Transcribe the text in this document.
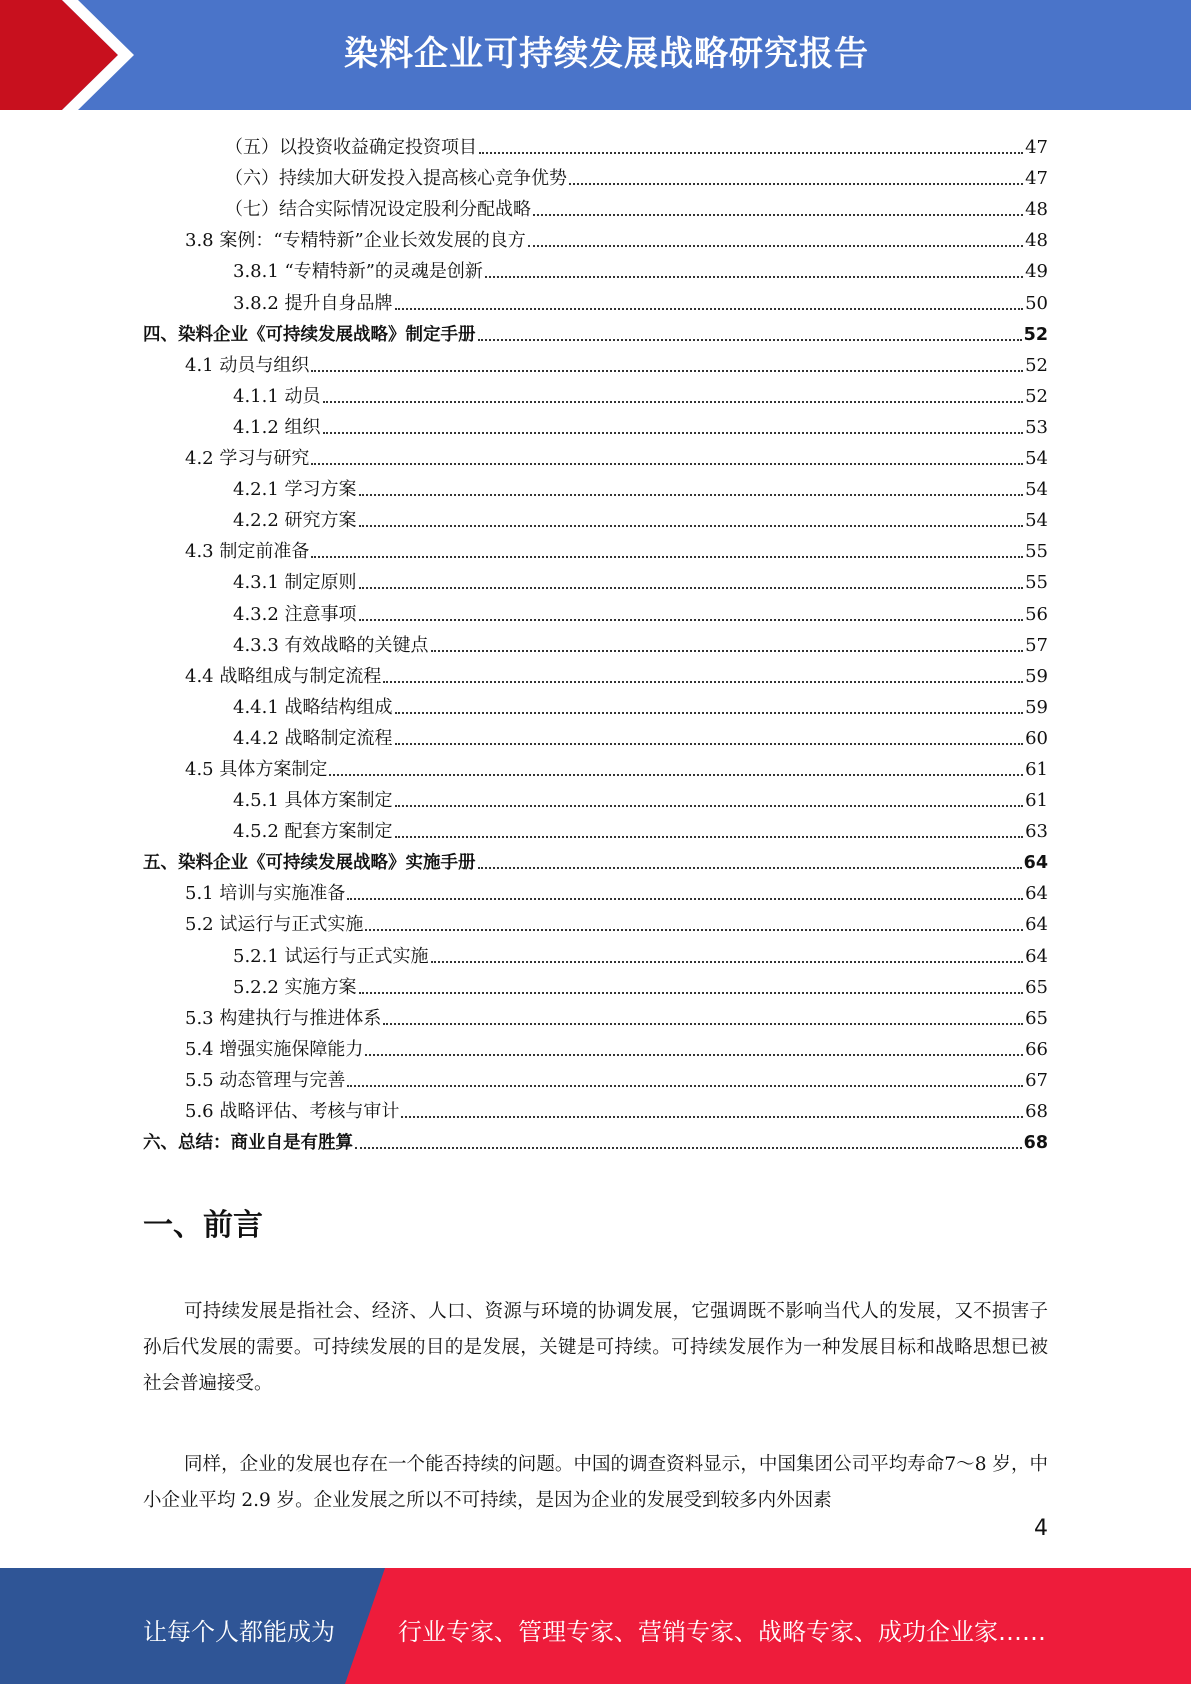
染料企业可持续发展战略研究报告
（五）以投资收益确定投资项目	47
（六）持续加大研发投入提高核心竞争优势	47
（七）结合实际情况设定股利分配战略	48
3.8 案例：“专精特新”企业长效发展的良方	48
3.8.1 “专精特新”的灵魂是创新	49
3.8.2 提升自身品牌	50
四、染料企业《可持续发展战略》制定手册	52
4.1 动员与组织	52
4.1.1 动员	52
4.1.2 组织	53
4.2 学习与研究	54
4.2.1 学习方案	54
4.2.2 研究方案	54
4.3 制定前准备	55
4.3.1 制定原则	55
4.3.2 注意事项	56
4.3.3 有效战略的关键点	57
4.4 战略组成与制定流程	59
4.4.1 战略结构组成	59
4.4.2 战略制定流程	60
4.5 具体方案制定	61
4.5.1 具体方案制定	61
4.5.2 配套方案制定	63
五、染料企业《可持续发展战略》实施手册	64
5.1 培训与实施准备	64
5.2 试运行与正式实施	64
5.2.1 试运行与正式实施	64
5.2.2 实施方案	65
5.3 构建执行与推进体系	65
5.4 增强实施保障能力	66
5.5 动态管理与完善	67
5.6 战略评估、考核与审计	68
六、总结：商业自是有胜算	68
一、前言

可持续发展是指社会、经济、人口、资源与环境的协调发展，它强调既不影响当代人的发展，又不损害子孙后代发展的需要。可持续发展的目的是发展，关键是可持续。可持续发展作为一种发展目标和战略思想已被社会普遍接受。

同样，企业的发展也存在一个能否持续的问题。中国的调查资料显示，中国集团公司平均寿命7～8 岁，中小企业平均 2.9 岁。企业发展之所以不可持续，是因为企业的发展受到较多内外因素

4
让每个人都能成为	行业专家、管理专家、营销专家、战略专家、成功企业家……
